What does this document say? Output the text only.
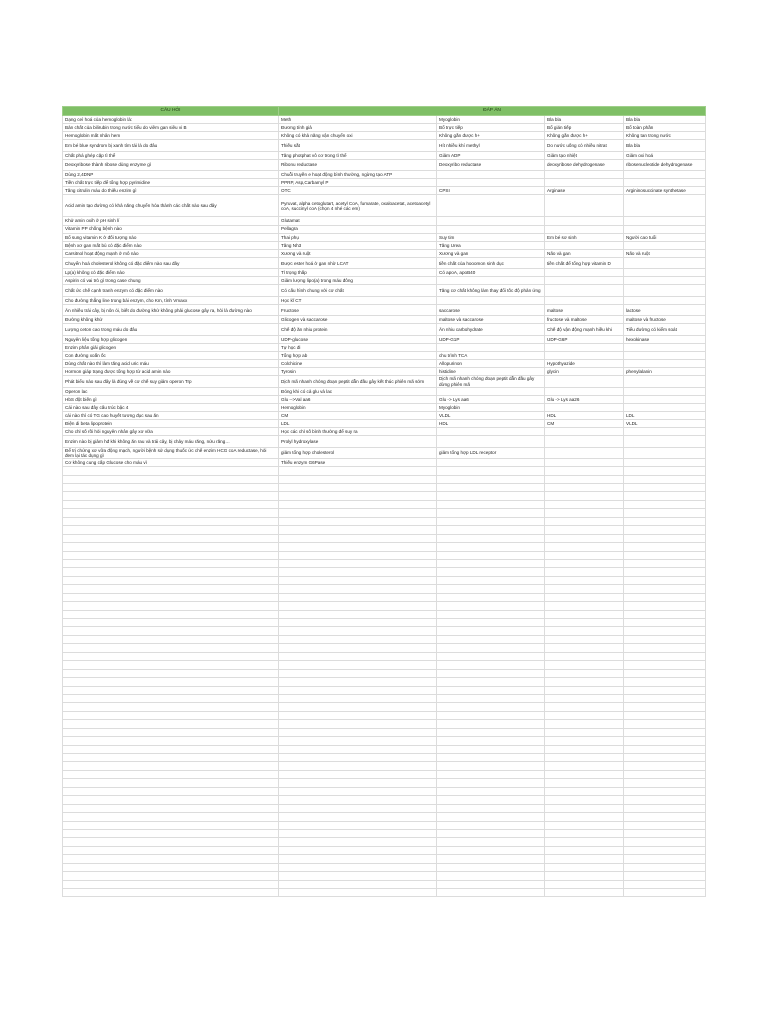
CÂU HỎI	ĐÁP ÁN			
Dạng ceì hoá của hemoglobin là:	Meth	Myoglobin	Bla bla	Bla bla
Bản chất của bilirubin trong nước tiểu do viêm gan siêu vi B	Đương tính giả	Bổ trực tiếp	Bổ gián tiếp	Bổ toàn phần
Hemoglobin mất nhân hem	Không có khả năng vận chuyển oxi	Không gắn được h+	Không gắn được h+	Không tan trong nước
Em bé blue syndrom bị xanh tím tái là do đâu	Thiếu sắt	Hít nhiều khí methyl	Do nước uống có nhiều nitrat	Bla bla
Chất phá ghép cặp tì thể	Tăng photphat vô cơ trong tì thể	Giảm ADP	Giảm tạo nhiệt	Giảm oxi hoá
Deoxyribose thành ribose dùng enzyme gì	Ribonu reductase	Deoxyribo reductase	deoxyribose dehydrogenase	ribosenucleotide dehydrogenase
Dùng 2,4DNP	Chuỗi truyền e hoạt động bình thường, ngừng tạo ATP			
Tiền chất trực tiếp để tổng hợp pyrimidine	PPRP, Asp,Carbamyl P			
Tăng citrulin máu do thiếu enzim gì	OTC	CPSI	Arginase	Argininosuccinate synthetase
Acid amin tạo đường có khả năng chuyển hóa thành các chất nào sau đây	Pyruvat, alpha cetoglutart, acetyl CoA, fumarate, oxaloacetat, acetoacetyl coA, succinyl coA (chọn 4 nhé các em)			
Khử amin oxih ở pH sinh lí	Glutamat			
Vitamin PP chống bệnh nào	Pellagra			
Bổ sung vitamin K ở đối tượng nào	Thai phụ	Suy tim	Em bé sơ sinh	Người cao tuổi
Bệnh xơ gan mất bù có đặc điểm nào	Tăng Nh3	Tăng Urea		
Carsitnol hoạt động mạnh ở mô nào	Xương và ruột	Xương và gan	Não và gan	Não và ruột
Chuyển hoá cholesterol không có đặc điểm nào sau đây	Được ester hoá ở gan nhờ LCAT	tiền chất của hooomon sinh dục	tiền chất để tổng hợp vitamin D	
Lp(a) không có đặc điểm nào	Tỉ trọng thấp	Có apoA, apoB40		
Aspirin có vai trò gì trong case chung	Giảm lượng lipo(a) trong máu đông			
Chất ức chế cạnh tranh enzym có đặc điểm nào	Có cấu hình chung với cơ chất	Tăng cơ chất không làm thay đổi tốc độ phản ứng		
Cho đường thẳng line trong bài enzym, cho Km, tính Vmaxx	Học kĩ CT			
Ăn nhiều trái cây, bị nôn ói, biết do đường khử không phải glucose gây ra, hỏi là đường nào	Fructose	saccarose	maltose	lactose
Đường không khử	Glicogen và saccarose	maltose và saccarose	fructose và maltose	maltose và fructose
Lượng ceton cao trong máu do đâu	Chế độ ăn nhiu protein	Ăn nhiu carbohydrate	Chế độ vận động mạnh hiều khi	Tiểu đường có kiểm soát
Nguyên liệu tổng hợp glicogen	UDP-glucose	UDP-G1P	UDP-G6P	hexokinase
Enzim phân giải glicogen	Tự học đi			
Con đường xoắn ốc	Tổng hợp ab	chu trình TCA		
Dùng chất nào thì làm tăng acid uric máu	Colchicine	Allopurinon	Hypothyazide	
Hormon giáp trạng được tổng hợp từ acid amin nào	Tyrosin	histidine	glycin	phenylalanin
Phát biểu nào sau đây là đúng về cơ chế suy giảm operon Trp	Dịch mã nhanh chóng đoạn peptit dẫn đầu gây kết thúc phiên mã sớm	Dịch mã nhanh chóng đoạn peptit dẫn đầu gây dừng phiên mã		
Operon lac	Đóng khi có cả glu và lac			
HbS đột biến gì	Glu -->Val aa6	Glu -> Lys aa6	Glu -> Lys aa26	
Cái nào sau đây cấu trúc bậc 4	Hemoglobin	Myoglobin		
cái nào thì có TG cao huyết tương đục sau ăn	CM	VLDL	HDL	LDL
Điện di beta lipoprotein	LDL	HDL	CM	VLDL
Cho chỉ số rồi hỏi nguyên nhân gây xơ vữa	Học các chỉ số bình thường để suy ra			
Enzim nào bị giảm hđ khi không ăn rau và trái cây, bị chảy máu răng, nứu răng…	Prolyl hydroxylase			
Để trị chứng xơ vữa động mạch, người bệnh sử dụng thuốc ức chế enzim HCG coA reductase, hỏi đem lại tác dụng gì	giảm tổng hợp cholesterol	giảm tổng hợp LDL receptor		
Cơ không cung cấp Glucose cho máu vì	Thiếu enzym G6Pase			
